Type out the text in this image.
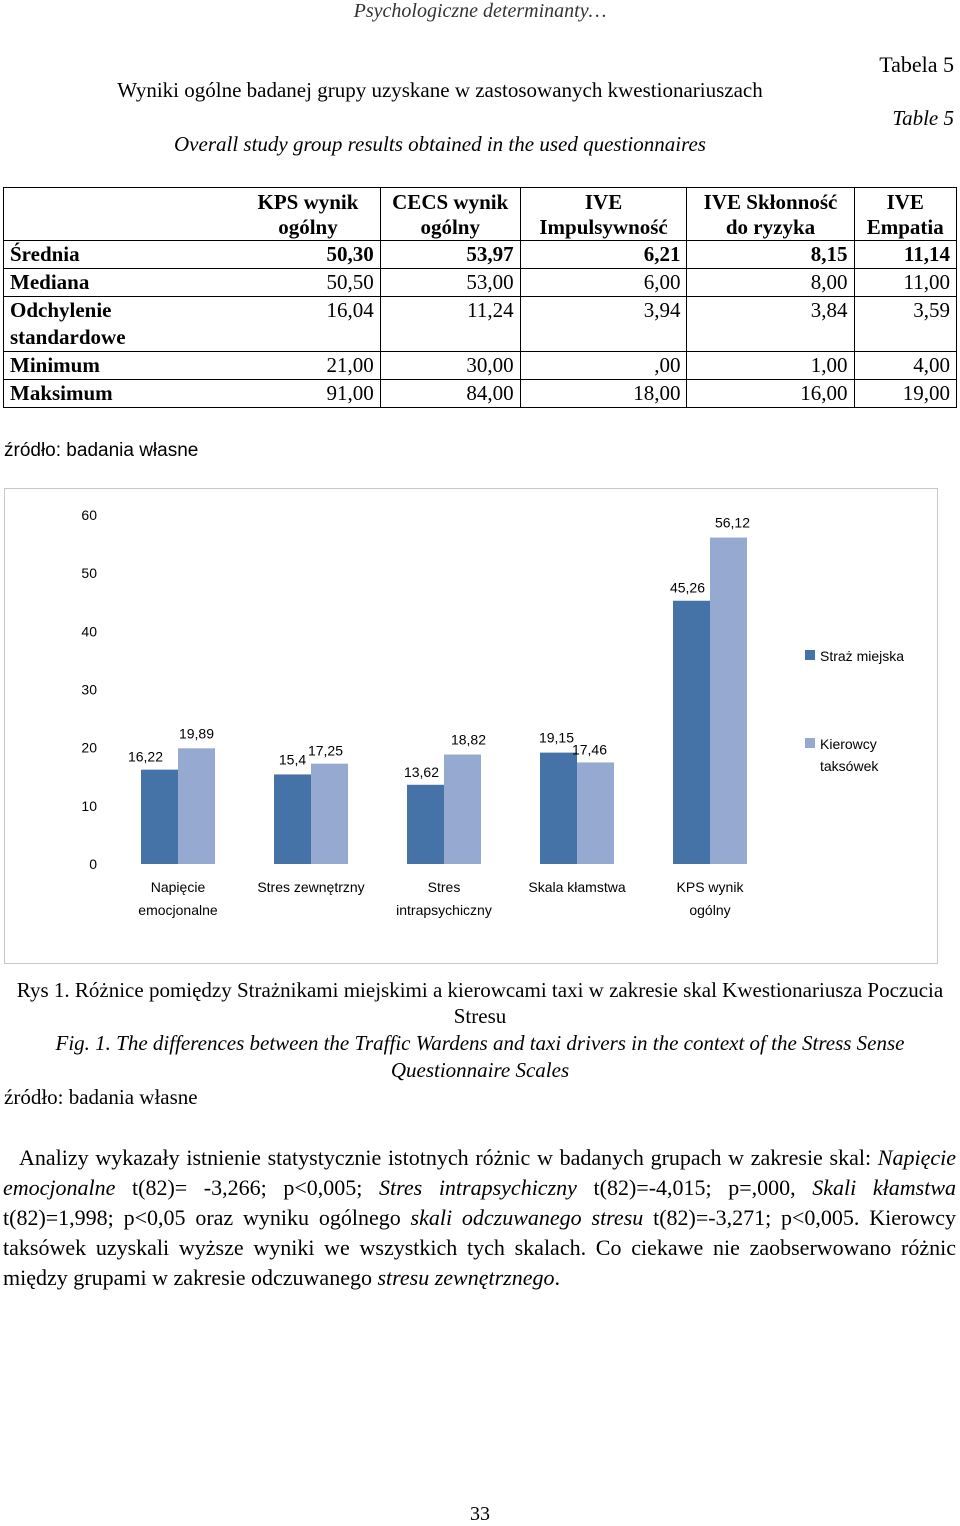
Psychologiczne determinanty…
Tabela 5
Wyniki ogólne badanej grupy uzyskane w zastosowanych kwestionariuszach
Table 5
Overall study group results obtained in the used questionnaires
	KPS wynik ogólny	CECS wynik ogólny	IVE Impulsywność	IVE Skłonność do ryzyka	IVE Empatia
Średnia	50,30	53,97	6,21	8,15	11,14
Mediana	50,50	53,00	6,00	8,00	11,00
Odchylenie standardowe	16,04	11,24	3,94	3,84	3,59
Minimum	21,00	30,00	,00	1,00	4,00
Maksimum	91,00	84,00	18,00	16,00	19,00
źródło: badania własne
0
10
20
30
40
50
60
16,22	15,4
13,62
19,15
45,26
19,89
17,25
18,82
17,46
56,12
Napięcie
emocjonalne
Stres zewnętrzny	Stres
intrapsychiczny
Skala kłamstwa	KPS wynik
ogólny
Straż miejska
Kierowcy
taksówek
Rys 1. Różnice pomiędzy Strażnikami miejskimi a kierowcami taxi w zakresie skal Kwestionariusza Poczucia Stresu
Fig. 1. The differences between the Traffic Wardens and taxi drivers in the context of the Stress Sense Questionnaire Scales
źródło: badania własne

Analizy wykazały istnienie statystycznie istotnych różnic w badanych grupach w zakresie skal: Napięcie emocjonalne t(82)= -3,266; p<0,005; Stres intrapsychiczny t(82)=-4,015; p=,000, Skali kłamstwa t(82)=1,998; p<0,05 oraz wyniku ogólnego skali odczuwanego stresu t(82)=-3,271; p<0,005. Kierowcy taksówek uzyskali wyższe wyniki we wszystkich tych skalach. Co ciekawe nie zaobserwowano różnic między grupami w zakresie odczuwanego stresu zewnętrznego.

33
